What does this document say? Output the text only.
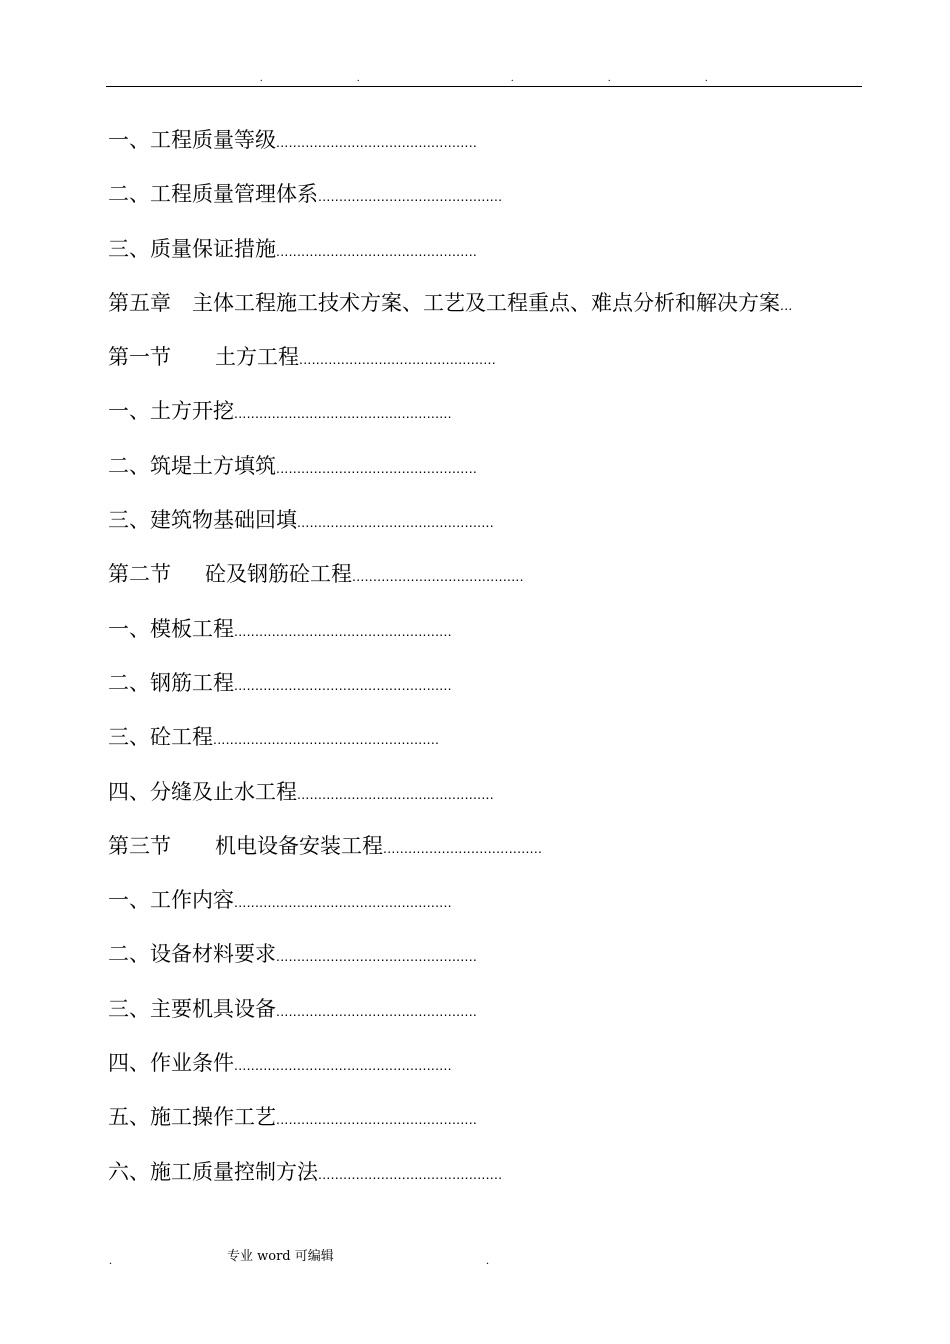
.	.	.	.	.
一、工程质量等级................................................
二、工程质量管理体系............................................
三、质量保证措施................................................
第五章 主体工程施工技术方案、工艺及工程重点、难点分析和解决方案...
第一节 土方工程...............................................
一、土方开挖....................................................
二、筑堤土方填筑................................................
三、建筑物基础回填...............................................
第二节 砼及钢筋砼工程.........................................
一、模板工程....................................................
二、钢筋工程....................................................
三、砼工程......................................................
四、分缝及止水工程...............................................
第三节 机电设备安装工程......................................
一、工作内容....................................................
二、设备材料要求................................................
三、主要机具设备................................................
四、作业条件....................................................
五、施工操作工艺................................................
六、施工质量控制方法............................................
.	专业 word 可编辑	.
